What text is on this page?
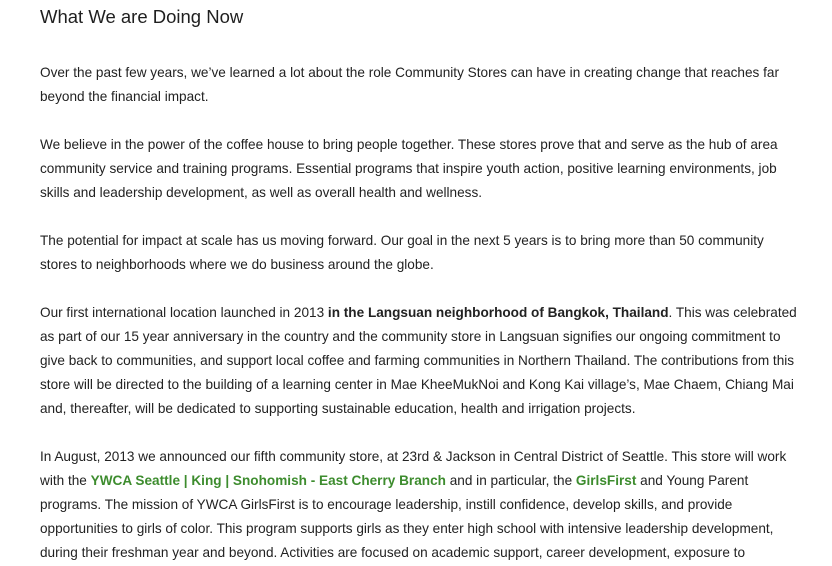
What We are Doing Now

Over the past few years, we’ve learned a lot about the role Community Stores can have in creating change that reaches far beyond the financial impact.

We believe in the power of the coffee house to bring people together. These stores prove that and serve as the hub of area community service and training programs. Essential programs that inspire youth action, positive learning environments, job skills and leadership development, as well as overall health and wellness.

The potential for impact at scale has us moving forward. Our goal in the next 5 years is to bring more than 50 community stores to neighborhoods where we do business around the globe.

Our first international location launched in 2013 in the Langsuan neighborhood of Bangkok, Thailand. This was celebrated as part of our 15 year anniversary in the country and the community store in Langsuan signifies our ongoing commitment to give back to communities, and support local coffee and farming communities in Northern Thailand. The contributions from this store will be directed to the building of a learning center in Mae KheeMukNoi and Kong Kai village’s, Mae Chaem, Chiang Mai and, thereafter, will be dedicated to supporting sustainable education, health and irrigation projects.

In August, 2013 we announced our fifth community store, at 23rd & Jackson in Central District of Seattle. This store will work with the YWCA Seattle | King | Snohomish - East Cherry Branch and in particular, the GirlsFirst and Young Parent programs. The mission of YWCA GirlsFirst is to encourage leadership, instill confidence, develop skills, and provide opportunities to girls of color. This program supports girls as they enter high school with intensive leadership development, during their freshman year and beyond. Activities are focused on academic support, career development, exposure to
